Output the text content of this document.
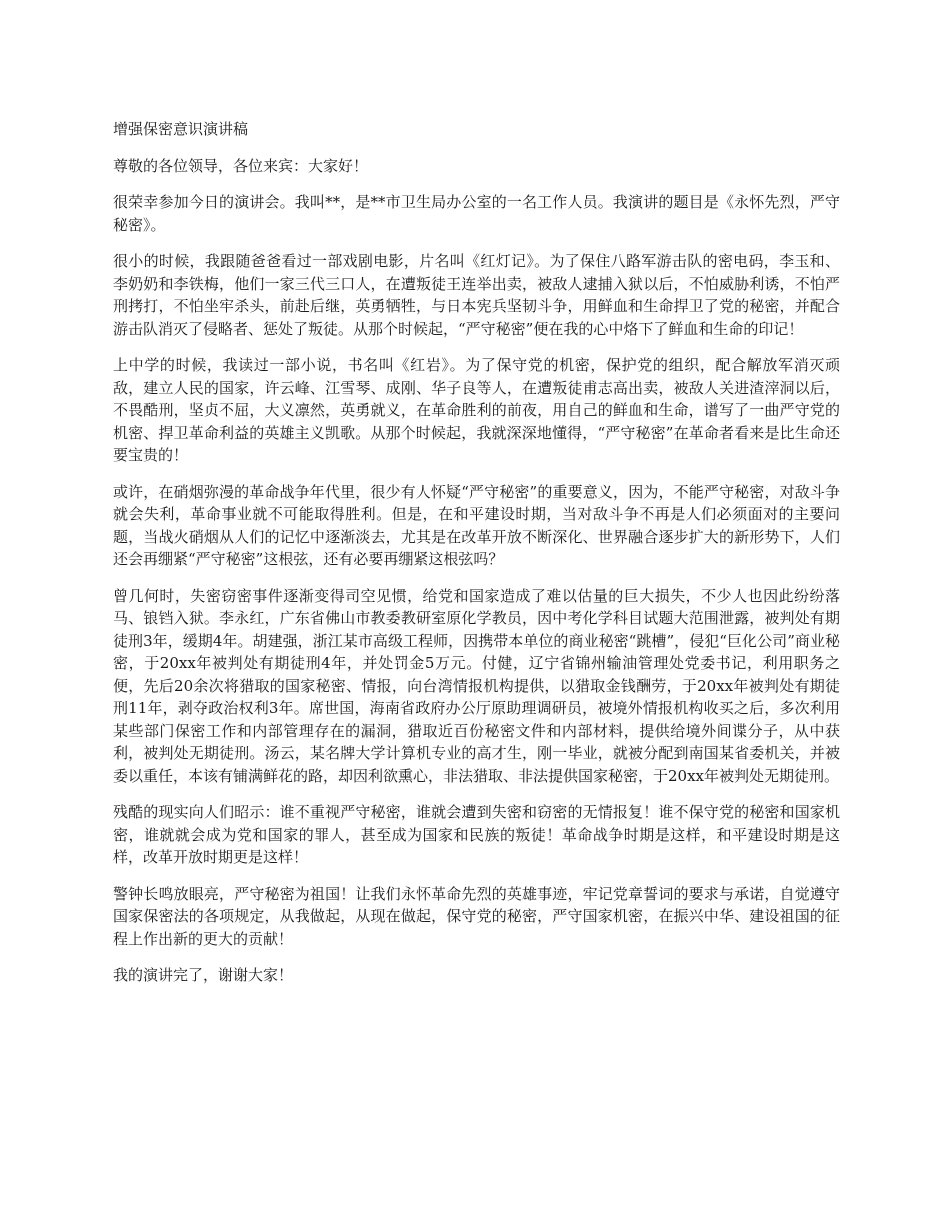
增强保密意识演讲稿
尊敬的各位领导，各位来宾：大家好！
很荣幸参加今日的演讲会。我叫**，是**市卫生局办公室的一名工作人员。我演讲的题目是《永怀先烈，严守秘密》。
很小的时候，我跟随爸爸看过一部戏剧电影，片名叫《红灯记》。为了保住八路军游击队的密电码，李玉和、李奶奶和李铁梅，他们一家三代三口人，在遭叛徒王连举出卖，被敌人逮捕入狱以后，不怕威胁利诱，不怕严刑拷打，不怕坐牢杀头，前赴后继，英勇牺牲，与日本宪兵坚韧斗争，用鲜血和生命捍卫了党的秘密，并配合游击队消灭了侵略者、惩处了叛徒。从那个时候起，“严守秘密”便在我的心中烙下了鲜血和生命的印记！
上中学的时候，我读过一部小说，书名叫《红岩》。为了保守党的机密，保护党的组织，配合解放军消灭顽敌，建立人民的国家，许云峰、江雪琴、成刚、华子良等人，在遭叛徒甫志高出卖，被敌人关进渣滓洞以后，不畏酷刑，坚贞不屈，大义凛然，英勇就义，在革命胜利的前夜，用自己的鲜血和生命，谱写了一曲严守党的机密、捍卫革命利益的英雄主义凯歌。从那个时候起，我就深深地懂得，“严守秘密”在革命者看来是比生命还要宝贵的！
或许，在硝烟弥漫的革命战争年代里，很少有人怀疑“严守秘密”的重要意义，因为，不能严守秘密，对敌斗争就会失利，革命事业就不可能取得胜利。但是，在和平建设时期，当对敌斗争不再是人们必须面对的主要问题，当战火硝烟从人们的记忆中逐渐淡去，尤其是在改革开放不断深化、世界融合逐步扩大的新形势下，人们还会再绷紧“严守秘密”这根弦，还有必要再绷紧这根弦吗？
曾几何时，失密窃密事件逐渐变得司空见惯，给党和国家造成了难以估量的巨大损失，不少人也因此纷纷落马、锒铛入狱。李永红，广东省佛山市教委教研室原化学教员，因中考化学科目试题大范围泄露，被判处有期徒刑3年，缓期4年。胡建强，浙江某市高级工程师，因携带本单位的商业秘密“跳槽”，侵犯“巨化公司”商业秘密，于20xx年被判处有期徒刑4年，并处罚金5万元。付健，辽宁省锦州输油管理处党委书记，利用职务之便，先后20余次将猎取的国家秘密、情报，向台湾情报机构提供，以猎取金钱酬劳，于20xx年被判处有期徒刑11年，剥夺政治权利3年。席世国，海南省政府办公厅原助理调研员，被境外情报机构收买之后，多次利用某些部门保密工作和内部管理存在的漏洞，猎取近百份秘密文件和内部材料，提供给境外间谍分子，从中获利，被判处无期徒刑。汤云，某名牌大学计算机专业的高才生，刚一毕业，就被分配到南国某省委机关，并被委以重任，本该有铺满鲜花的路，却因利欲熏心，非法猎取、非法提供国家秘密，于20xx年被判处无期徒刑。
残酷的现实向人们昭示：谁不重视严守秘密，谁就会遭到失密和窃密的无情报复！谁不保守党的秘密和国家机密，谁就就会成为党和国家的罪人，甚至成为国家和民族的叛徒！革命战争时期是这样，和平建设时期是这样，改革开放时期更是这样！
警钟长鸣放眼亮，严守秘密为祖国！让我们永怀革命先烈的英雄事迹，牢记党章誓词的要求与承诺，自觉遵守国家保密法的各项规定，从我做起，从现在做起，保守党的秘密，严守国家机密，在振兴中华、建设祖国的征程上作出新的更大的贡献！
我的演讲完了，谢谢大家！
